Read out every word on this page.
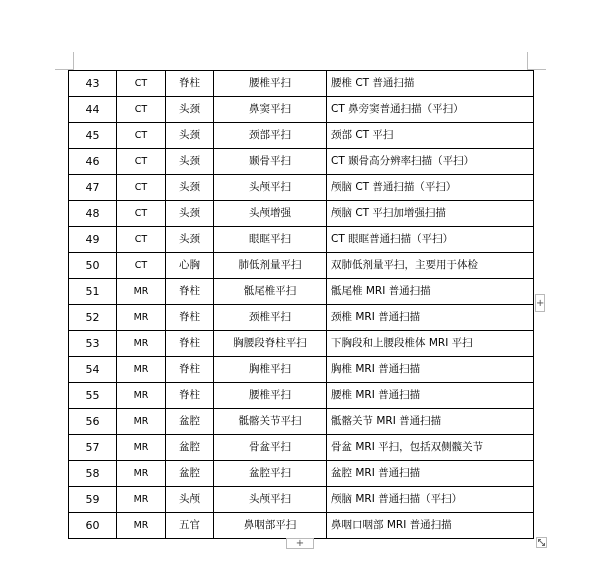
43	CT	脊柱	腰椎平扫	腰椎 CT 普通扫描
44	CT	头颈	鼻窦平扫	CT 鼻旁窦普通扫描（平扫）
45	CT	头颈	颈部平扫	颈部 CT 平扫
46	CT	头颈	颞骨平扫	CT 颞骨高分辨率扫描（平扫）
47	CT	头颈	头颅平扫	颅脑 CT 普通扫描（平扫）
48	CT	头颈	头颅增强	颅脑 CT 平扫加增强扫描
49	CT	头颈	眼眶平扫	CT 眼眶普通扫描（平扫）
50	CT	心胸	肺低剂量平扫	双肺低剂量平扫，主要用于体检
51	MR	脊柱	骶尾椎平扫	骶尾椎 MRI 普通扫描
52	MR	脊柱	颈椎平扫	颈椎 MRI 普通扫描
53	MR	脊柱	胸腰段脊柱平扫	下胸段和上腰段椎体 MRI 平扫
54	MR	脊柱	胸椎平扫	胸椎 MRI 普通扫描
55	MR	脊柱	腰椎平扫	腰椎 MRI 普通扫描
56	MR	盆腔	骶髂关节平扫	骶髂关节 MRI 普通扫描
57	MR	盆腔	骨盆平扫	骨盆 MRI 平扫，包括双侧髋关节
58	MR	盆腔	盆腔平扫	盆腔 MRI 普通扫描
59	MR	头颅	头颅平扫	颅脑 MRI 普通扫描（平扫）
60	MR	五官	鼻咽部平扫	鼻咽口咽部 MRI 普通扫描
+
+
